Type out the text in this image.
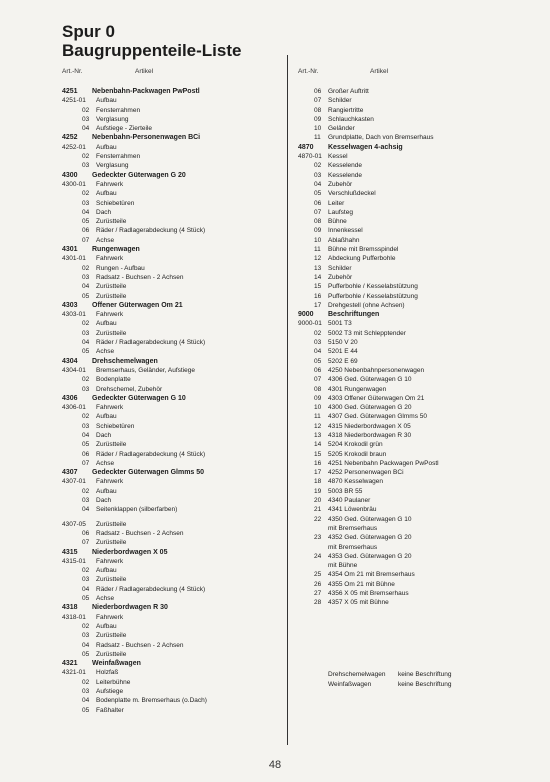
Spur 0
Baugruppenteile-Liste
Art.-Nr.	Artikel
4251 Nebenbahn-Packwagen PwPostl
4251-01 Aufbau
02 Fensterrahmen
03 Verglasung
04 Aufstiege - Zierteile
4252 Nebenbahn-Personenwagen BCi
4252-01 Aufbau
02 Fensterrahmen
03 Verglasung
4300 Gedeckter Güterwagen G 20
4300-01 Fahrwerk
02 Aufbau
03 Schiebetüren
04 Dach
05 Zurüstteile
06 Räder / Radlagerabdeckung (4 Stück)
07 Achse
4301 Rungenwagen
4301-01 Fahrwerk
02 Rungen - Aufbau
03 Radsatz - Buchsen - 2 Achsen
04 Zurüstteile
05 Zurüstteile
4303 Offener Güterwagen Om 21
4303-01 Fahrwerk
02 Aufbau
03 Zurüstteile
04 Räder / Radlagerabdeckung (4 Stück)
05 Achse
4304 Drehschemelwagen
4304-01 Bremserhaus, Geländer, Aufstiege
02 Bodenplatte
03 Drehschemel, Zubehör
4306 Gedeckter Güterwagen G 10
4306-01 Fahrwerk
02 Aufbau
03 Schiebetüren
04 Dach
05 Zurüstteile
06 Räder / Radlagerabdeckung (4 Stück)
07 Achse
4307 Gedeckter Güterwagen Glmms 50
4307-01 Fahrwerk
02 Aufbau
03 Dach
04 Seitenklappen (silberfarben)
4307-05 Zurüstteile
06 Radsatz - Buchsen - 2 Achsen
07 Zurüstteile
4315 Niederbordwagen X 05
4315-01 Fahrwerk
02 Aufbau
03 Zurüstteile
04 Räder / Radlagerabdeckung (4 Stück)
05 Achse
4318 Niederbordwagen R 30
4318-01 Fahrwerk
02 Aufbau
03 Zurüstteile
04 Radsatz - Buchsen - 2 Achsen
05 Zurüstteile
4321 Weinfaßwagen
4321-01 Holzfaß
02 Leiterbühne
03 Aufstiege
04 Bodenplatte m. Bremserhaus (o.Dach)
05 Faßhalter
Art.-Nr.	Artikel
06 Großer Auftritt
07 Schilder
08 Rangiertritte
09 Schlauchkasten
10 Geländer
11 Grundplatte, Dach von Bremserhaus
4870 Kesselwagen 4-achsig
4870-01 Kessel
02 Kesselende
03 Kesselende
04 Zubehör
05 Verschlußdeckel
06 Leiter
07 Laufsteg
08 Bühne
09 Innenkessel
10 Ablaßhahn
11 Bühne mit Bremsspindel
12 Abdeckung Pufferbohle
13 Schilder
14 Zubehör
15 Pufferbohle / Kesselabstützung
16 Pufferbohle / Kesselabstützung
17 Drehgestell (ohne Achsen)
9000 Beschriftungen
9000-01 5001 T3
02 5002 T3 mit Schlepptender
03 5150 V 20
04 5201 E 44
05 5202 E 69
06 4250 Nebenbahnpersonenwagen
07 4306 Ged. Güterwagen G 10
08 4301 Rungenwagen
09 4303 Offener Güterwagen Om 21
10 4300 Ged. Güterwagen G 20
11 4307 Ged. Güterwagen Glmms 50
12 4315 Niederbordwagen X 05
13 4318 Niederbordwagen R 30
14 5204 Krokodil grün
15 5205 Krokodil braun
16 4251 Nebenbahn Packwagen PwPostl
17 4252 Personenwagen BCi
18 4870 Kesselwagen
19 5003 BR 55
20 4340 Paulaner
21 4341 Löwenbräu
22 4350 Ged. Güterwagen G 10
mit Bremserhaus
23 4352 Ged. Güterwagen G 20
mit Bremserhaus
24 4353 Ged. Güterwagen G 20
mit Bühne
25 4354 Om 21 mit Bremserhaus
26 4355 Om 21 mit Bühne
27 4356 X 05 mit Bremserhaus
28 4357 X 05 mit Bühne
Drehschemelwagen keine Beschriftung
Weinfaßwagen	keine Beschriftung
48
